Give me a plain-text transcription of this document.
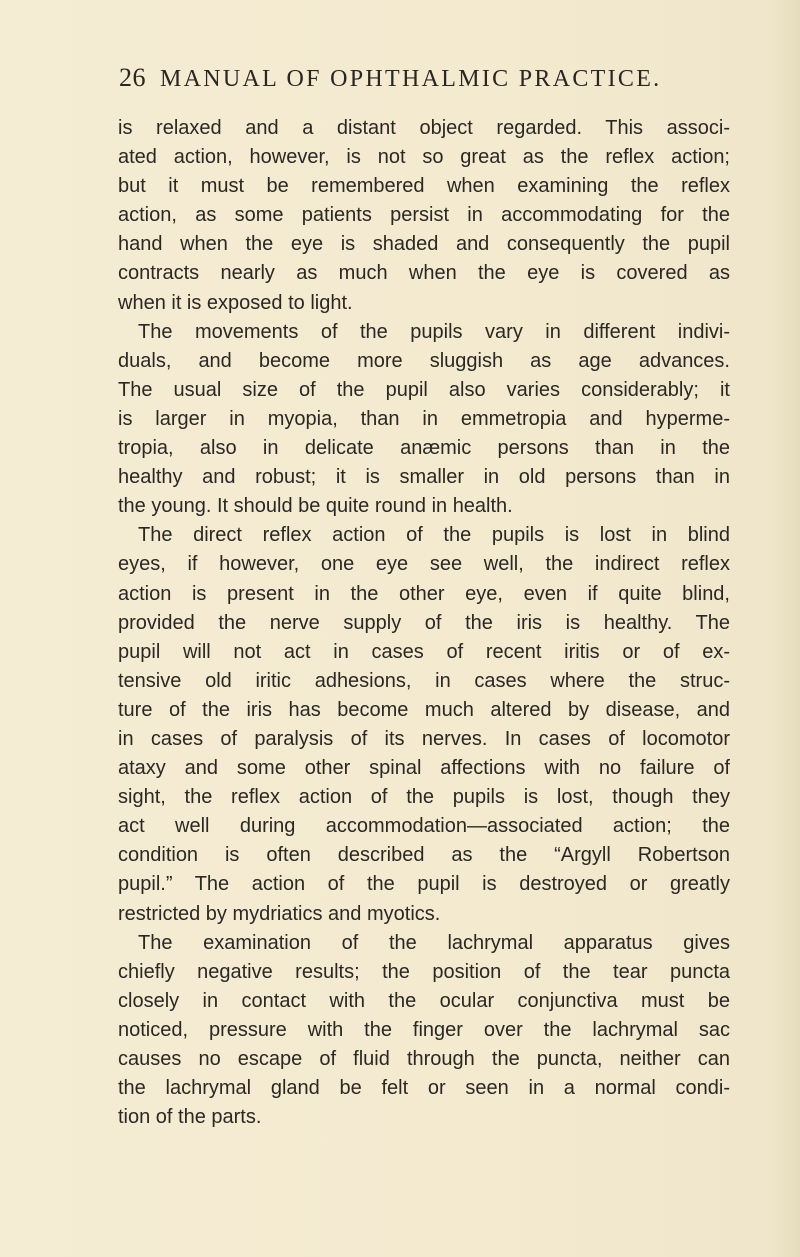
26 MANUAL OF OPHTHALMIC PRACTICE.
is relaxed and a distant object regarded. This associ-
ated action, however, is not so great as the reflex action;
but it must be remembered when examining the reflex
action, as some patients persist in accommodating for the
hand when the eye is shaded and consequently the pupil
contracts nearly as much when the eye is covered as
when it is exposed to light.
The movements of the pupils vary in different indivi-
duals, and become more sluggish as age advances.
The usual size of the pupil also varies considerably; it
is larger in myopia, than in emmetropia and hyperme-
tropia, also in delicate anæmic persons than in the
healthy and robust; it is smaller in old persons than in
the young. It should be quite round in health.
The direct reflex action of the pupils is lost in blind
eyes, if however, one eye see well, the indirect reflex
action is present in the other eye, even if quite blind,
provided the nerve supply of the iris is healthy. The
pupil will not act in cases of recent iritis or of ex-
tensive old iritic adhesions, in cases where the struc-
ture of the iris has become much altered by disease, and
in cases of paralysis of its nerves. In cases of locomotor
ataxy and some other spinal affections with no failure of
sight, the reflex action of the pupils is lost, though they
act well during accommodation—associated action; the
condition is often described as the “Argyll Robertson
pupil.” The action of the pupil is destroyed or greatly
restricted by mydriatics and myotics.
The examination of the lachrymal apparatus gives
chiefly negative results; the position of the tear puncta
closely in contact with the ocular conjunctiva must be
noticed, pressure with the finger over the lachrymal sac
causes no escape of fluid through the puncta, neither can
the lachrymal gland be felt or seen in a normal condi-
tion of the parts.
